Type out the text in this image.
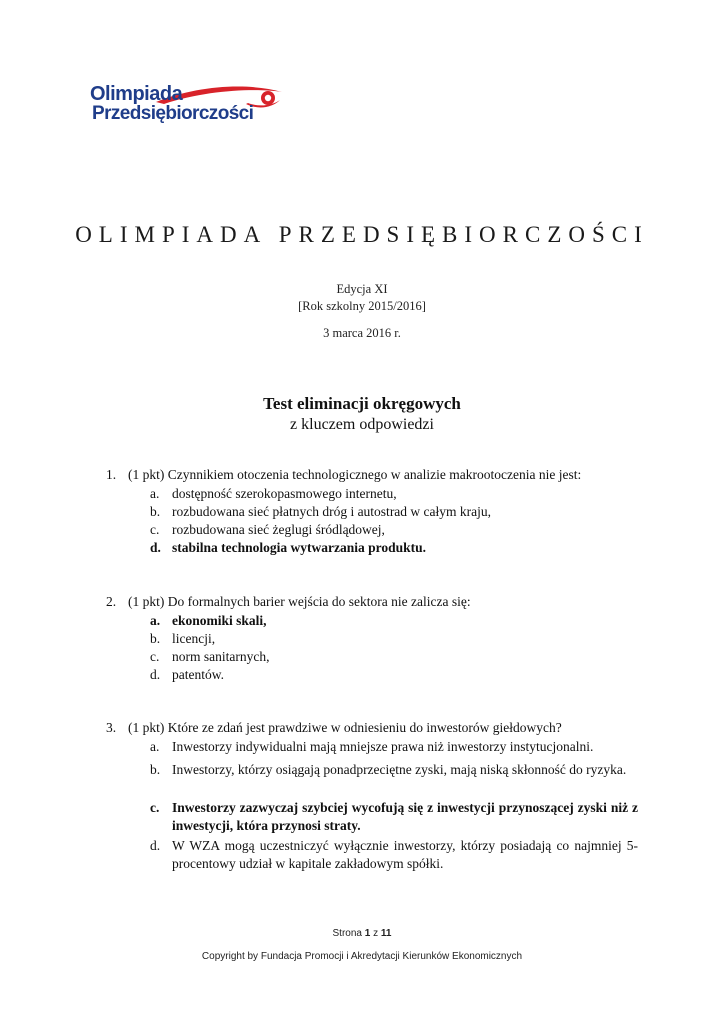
Olimpiada
Przedsiębiorczości
OLIMPIADA PRZEDSIĘBIORCZOŚCI
Edycja XI
[Rok szkolny 2015/2016]
3 marca 2016 r.
Test eliminacji okręgowych
z kluczem odpowiedzi
1. (1 pkt) Czynnikiem otoczenia technologicznego w analizie makrootoczenia nie jest:
a. dostępność szerokopasmowego internetu,
b. rozbudowana sieć płatnych dróg i autostrad w całym kraju,
c. rozbudowana sieć żeglugi śródlądowej,
d. stabilna technologia wytwarzania produktu.
2. (1 pkt) Do formalnych barier wejścia do sektora nie zalicza się:
a. ekonomiki skali,
b. licencji,
c. norm sanitarnych,
d. patentów.
3. (1 pkt) Które ze zdań jest prawdziwe w odniesieniu do inwestorów giełdowych?
a. Inwestorzy indywidualni mają mniejsze prawa niż inwestorzy instytucjonalni.
b. Inwestorzy, którzy osiągają ponadprzeciętne zyski, mają niską skłonność do ryzyka.
c. Inwestorzy zazwyczaj szybciej wycofują się z inwestycji przynoszącej zyski niż z inwestycji, która przynosi straty.
d. W WZA mogą uczestniczyć wyłącznie inwestorzy, którzy posiadają co najmniej 5-procentowy udział w kapitale zakładowym spółki.
Strona 1 z 11
Copyright by Fundacja Promocji i Akredytacji Kierunków Ekonomicznych
